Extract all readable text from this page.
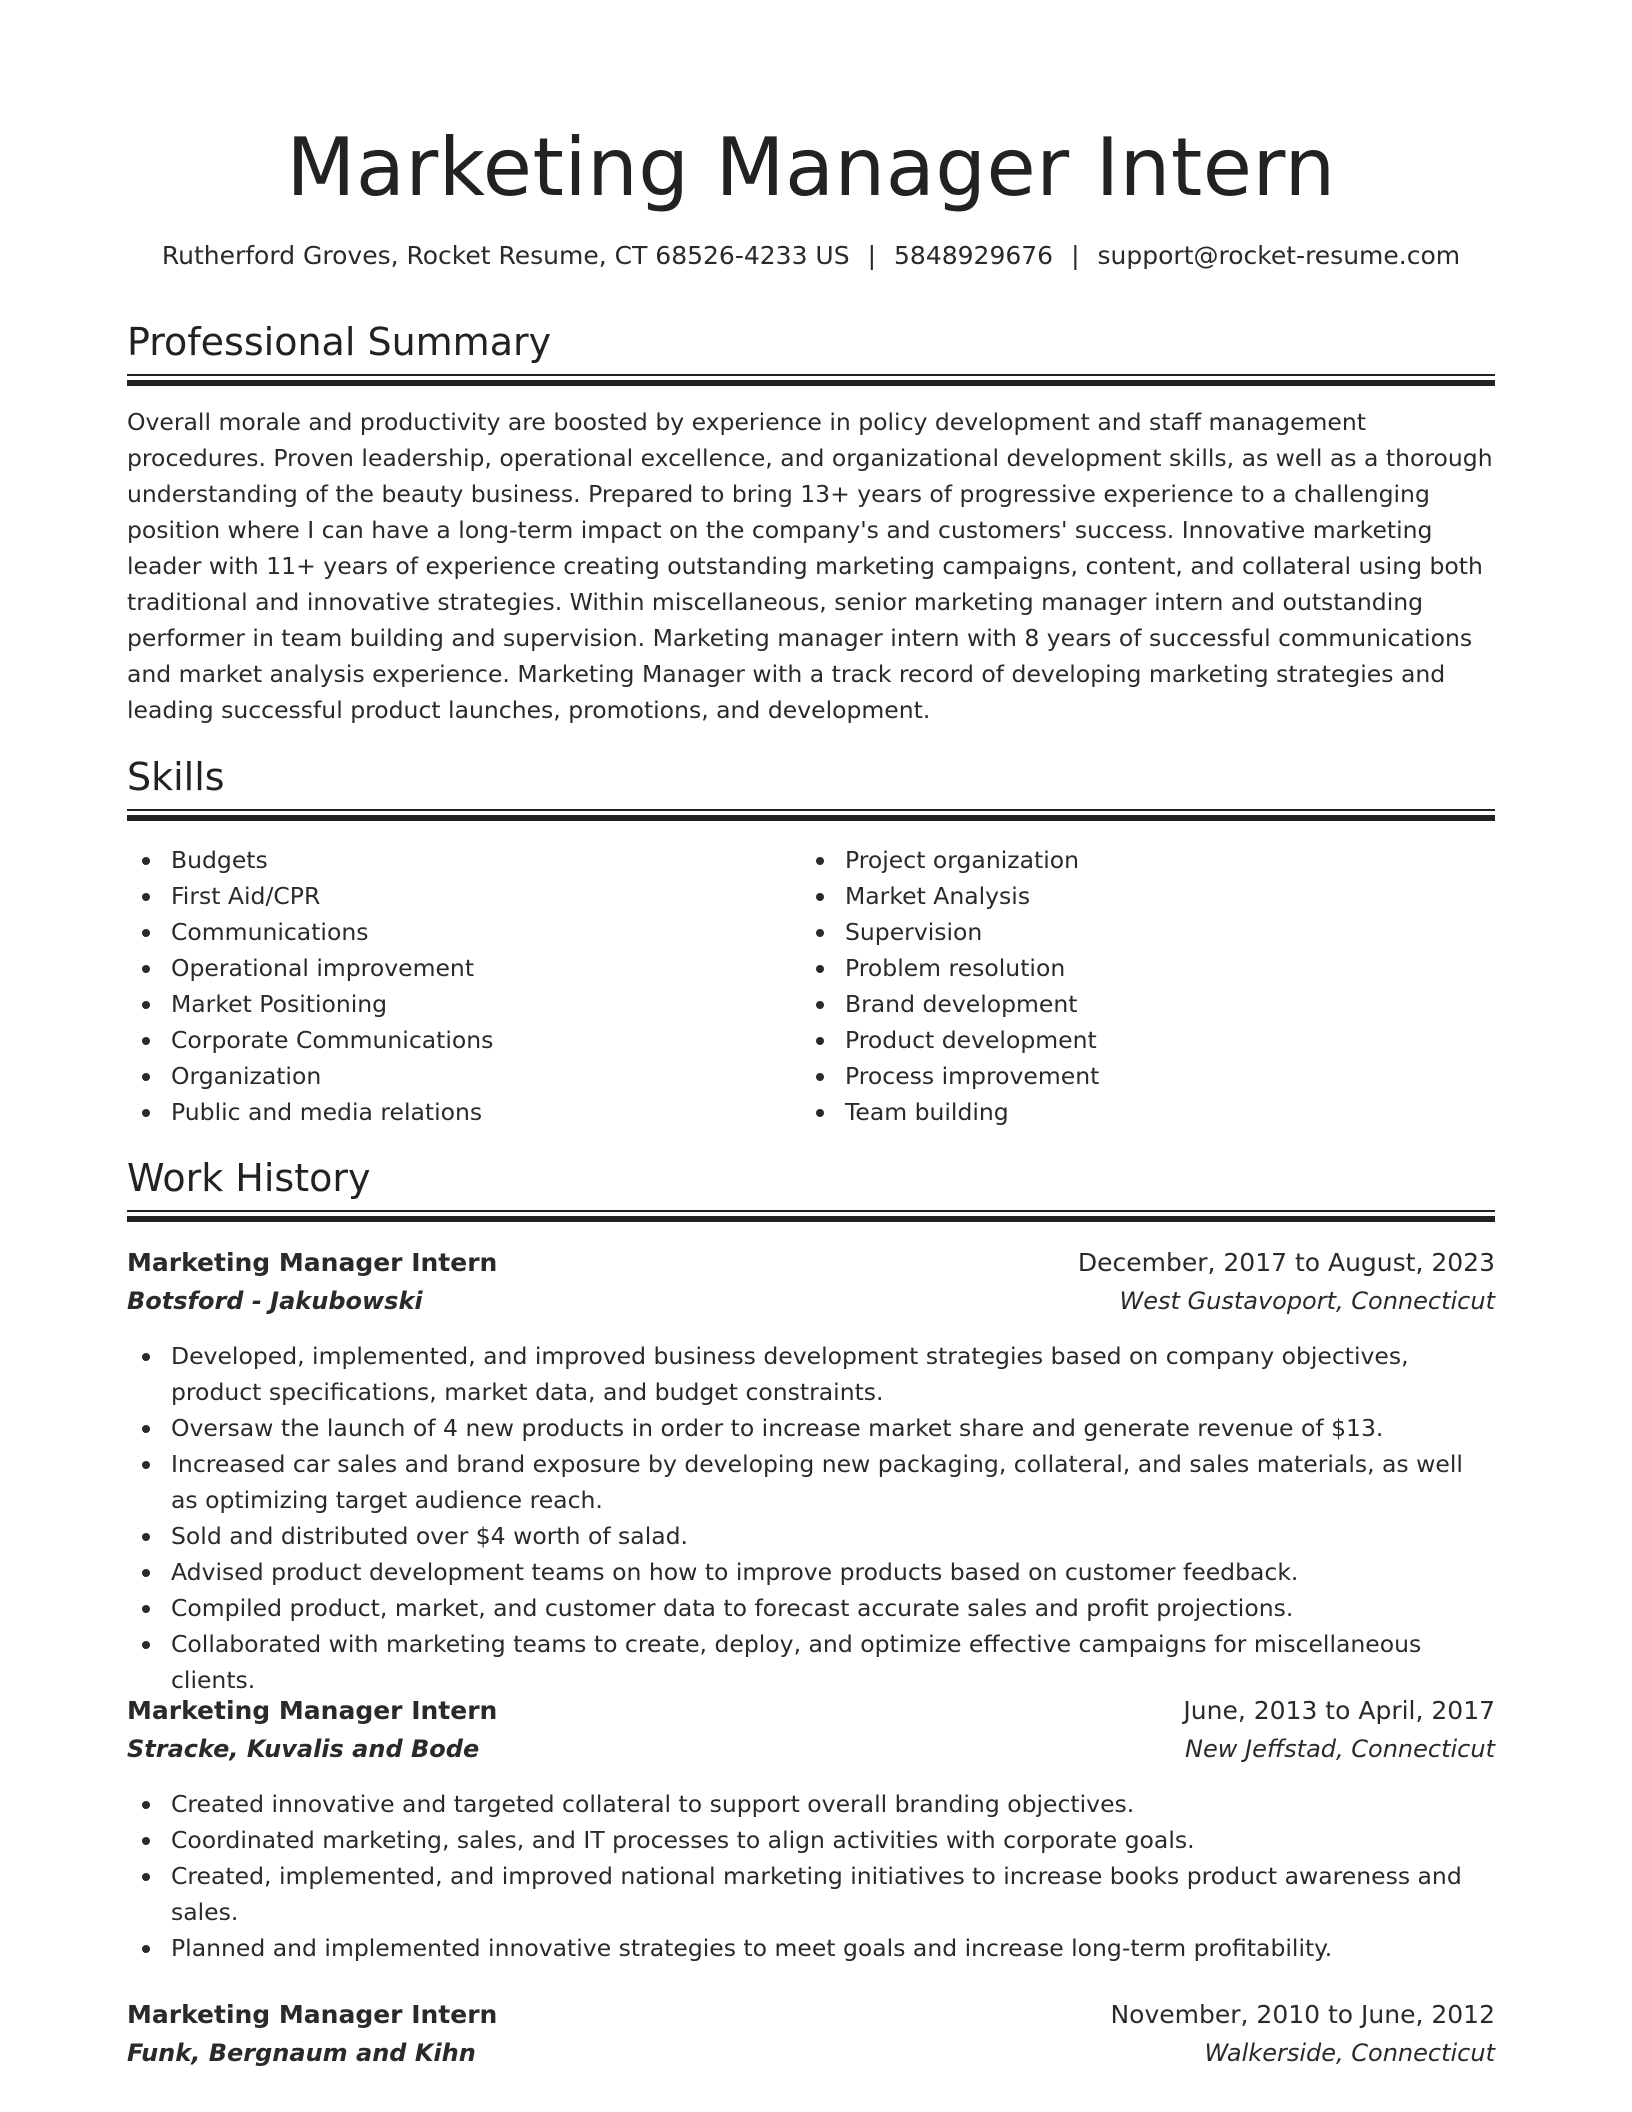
Marketing Manager Intern
Rutherford Groves, Rocket Resume, CT 68526-4233 US | 5848929676 | support@rocket-resume.com
Professional Summary

Overall morale and productivity are boosted by experience in policy development and staff management procedures. Proven leadership, operational excellence, and organizational development skills, as well as a thorough understanding of the beauty business. Prepared to bring 13+ years of progressive experience to a challenging position where I can have a long-term impact on the company's and customers' success. Innovative marketing leader with 11+ years of experience creating outstanding marketing campaigns, content, and collateral using both traditional and innovative strategies. Within miscellaneous, senior marketing manager intern and outstanding performer in team building and supervision. Marketing manager intern with 8 years of successful communications and market analysis experience. Marketing Manager with a track record of developing marketing strategies and leading successful product launches, promotions, and development.

Skills
Budgets
First Aid/CPR
Communications
Operational improvement
Market Positioning
Corporate Communications
Organization
Public and media relations
Project organization
Market Analysis
Supervision
Problem resolution
Brand development
Product development
Process improvement
Team building
Work History
Marketing Manager Intern	December, 2017 to August, 2023
Botsford - Jakubowski	West Gustavoport, Connecticut
Developed, implemented, and improved business development strategies based on company objectives, product specifications, market data, and budget constraints.
Oversaw the launch of 4 new products in order to increase market share and generate revenue of $13.
Increased car sales and brand exposure by developing new packaging, collateral, and sales materials, as well as optimizing target audience reach.
Sold and distributed over $4 worth of salad.
Advised product development teams on how to improve products based on customer feedback.
Compiled product, market, and customer data to forecast accurate sales and profit projections.
Collaborated with marketing teams to create, deploy, and optimize effective campaigns for miscellaneous clients.
Marketing Manager Intern	June, 2013 to April, 2017
Stracke, Kuvalis and Bode	New Jeffstad, Connecticut
Created innovative and targeted collateral to support overall branding objectives.
Coordinated marketing, sales, and IT processes to align activities with corporate goals.
Created, implemented, and improved national marketing initiatives to increase books product awareness and sales.
Planned and implemented innovative strategies to meet goals and increase long-term profitability.
Marketing Manager Intern	November, 2010 to June, 2012
Funk, Bergnaum and Kihn	Walkerside, Connecticut
